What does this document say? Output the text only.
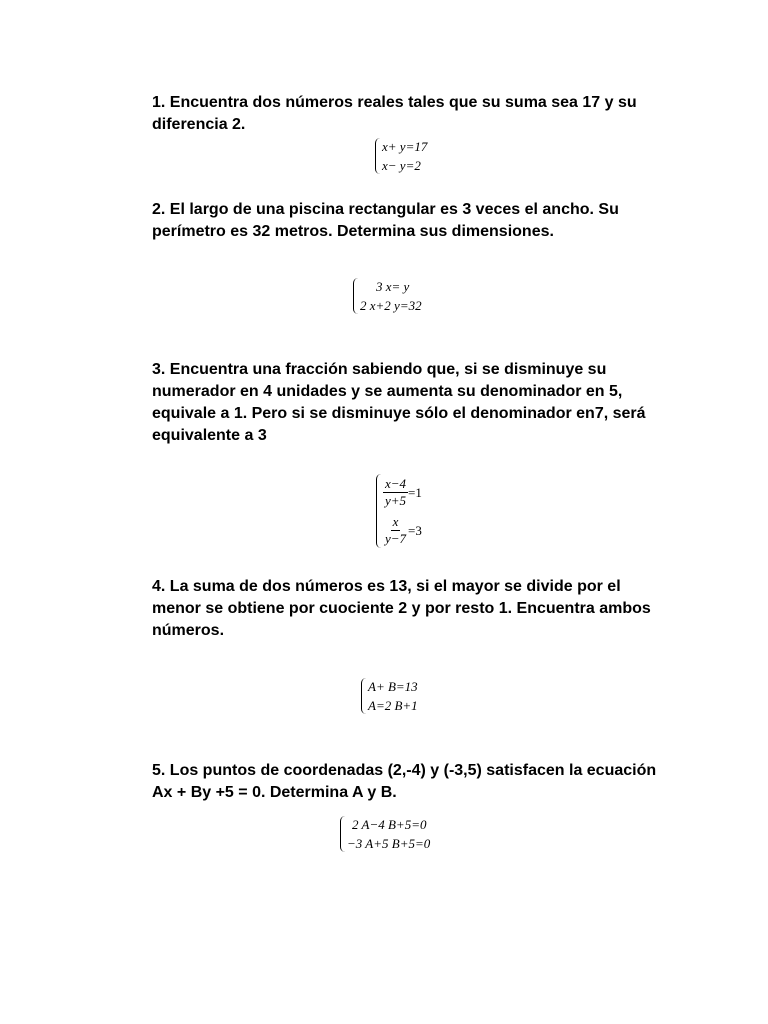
1. Encuentra dos números reales tales que su suma sea 17 y su diferencia 2.

x+ y=17
x− y=2

2. El largo de una piscina rectangular es 3 veces el ancho. Su perímetro es 32 metros. Determina sus dimensiones.

3 x= y
2 x+2 y=32

3. Encuentra una fracción sabiendo que, si se disminuye su numerador en 4 unidades y se aumenta su denominador en 5, equivale a 1. Pero si se disminuye sólo el denominador en7, será equivalente a 3

$\frac{x-4}{y+5} =1$
$\frac{x}{y-7} =3$

4. La suma de dos números es 13, si el mayor se divide por el menor se obtiene por cuociente 2 y por resto 1. Encuentra ambos números.

A+ B=13
A=2 B+1

5. Los puntos de coordenadas (2,-4) y (-3,5) satisfacen la ecuación Ax + By +5 = 0. Determina A y B.

2 A−4 B+5=0
−3 A+5 B+5=0
